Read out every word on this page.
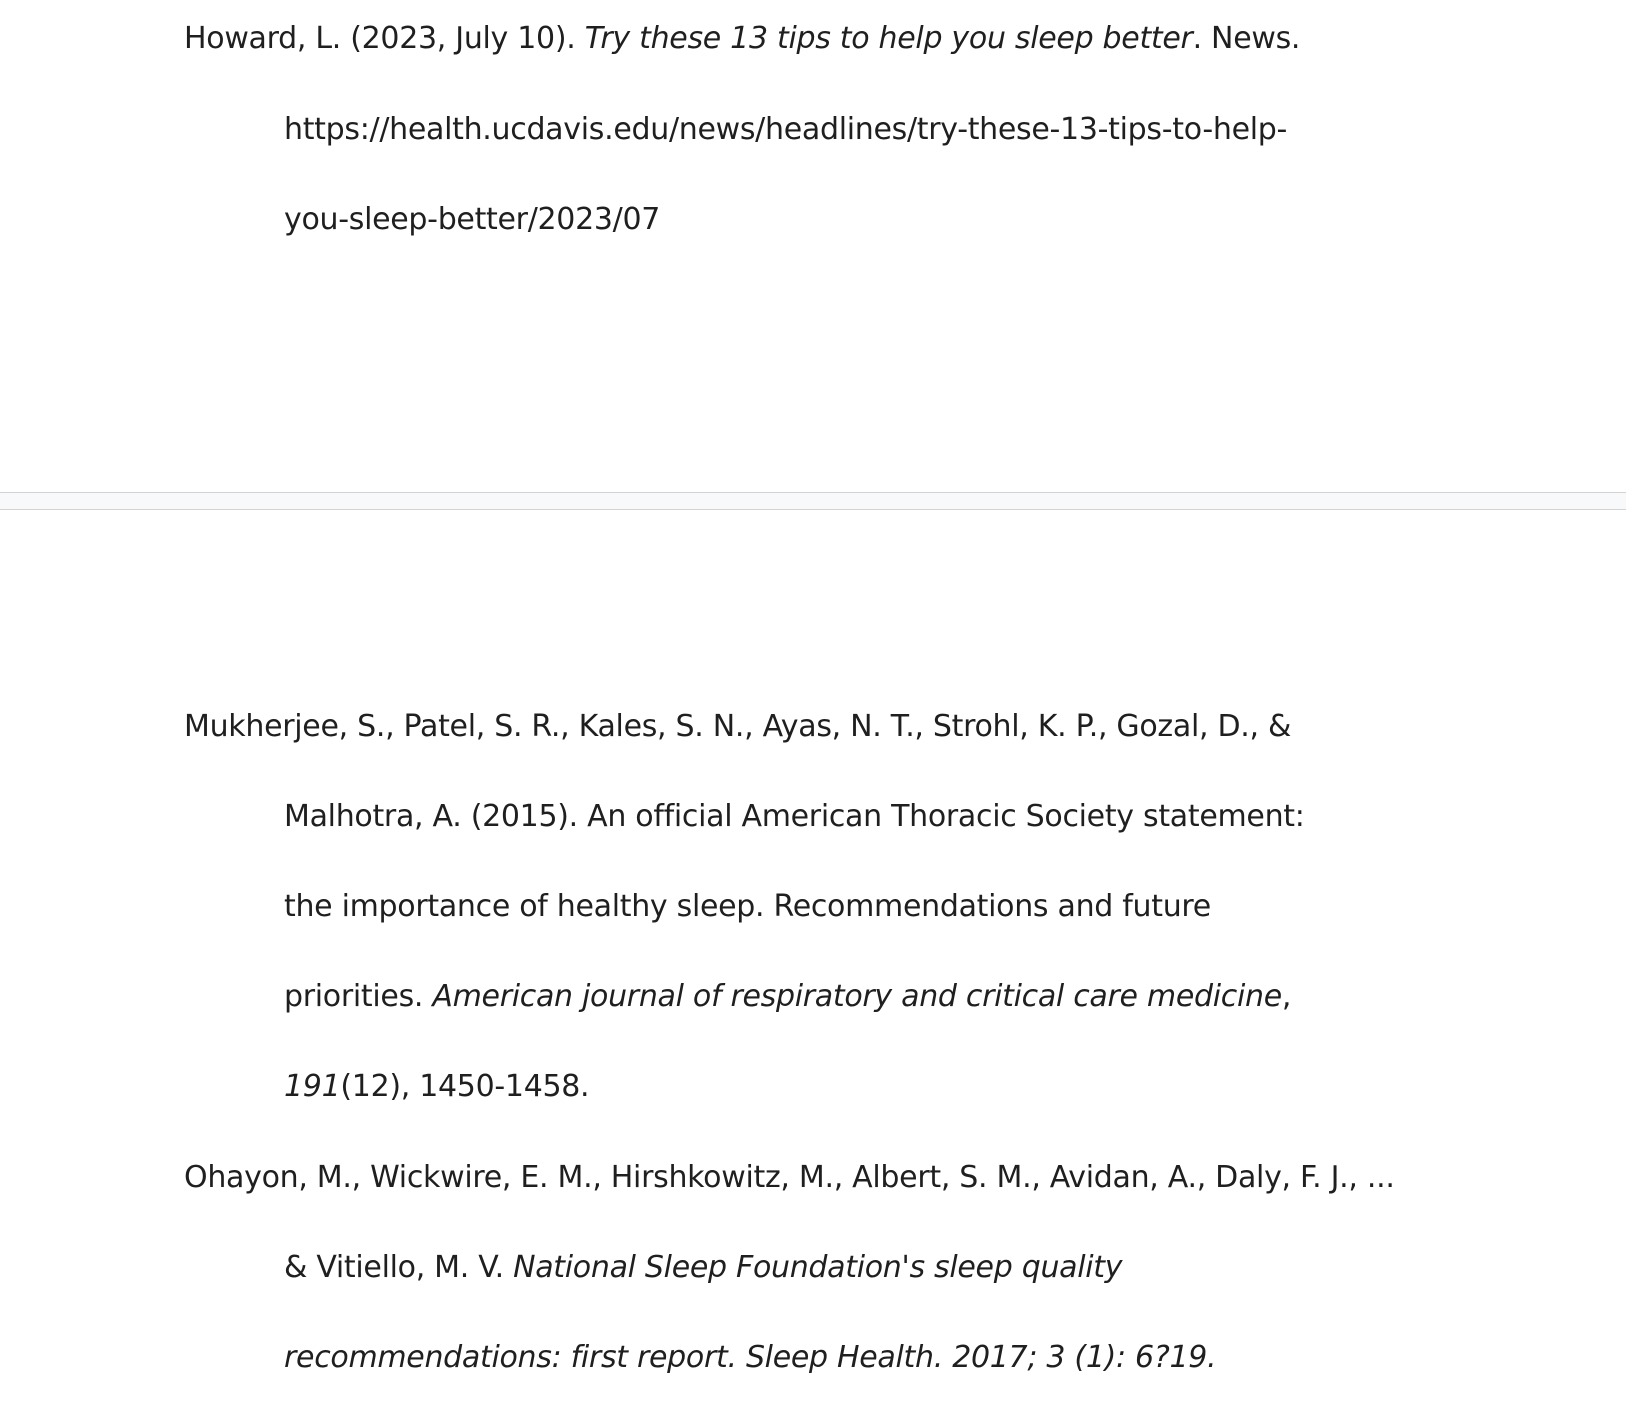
Howard, L. (2023, July 10). Try these 13 tips to help you sleep better. News.
https://health.ucdavis.edu/news/headlines/try-these-13-tips-to-help-
you-sleep-better/2023/07
Mukherjee, S., Patel, S. R., Kales, S. N., Ayas, N. T., Strohl, K. P., Gozal, D., &
Malhotra, A. (2015). An official American Thoracic Society statement:
the importance of healthy sleep. Recommendations and future
priorities. American journal of respiratory and critical care medicine,
191(12), 1450-1458.
Ohayon, M., Wickwire, E. M., Hirshkowitz, M., Albert, S. M., Avidan, A., Daly, F. J., ...
& Vitiello, M. V. National Sleep Foundation's sleep quality
recommendations: first report. Sleep Health. 2017; 3 (1): 6?19.
